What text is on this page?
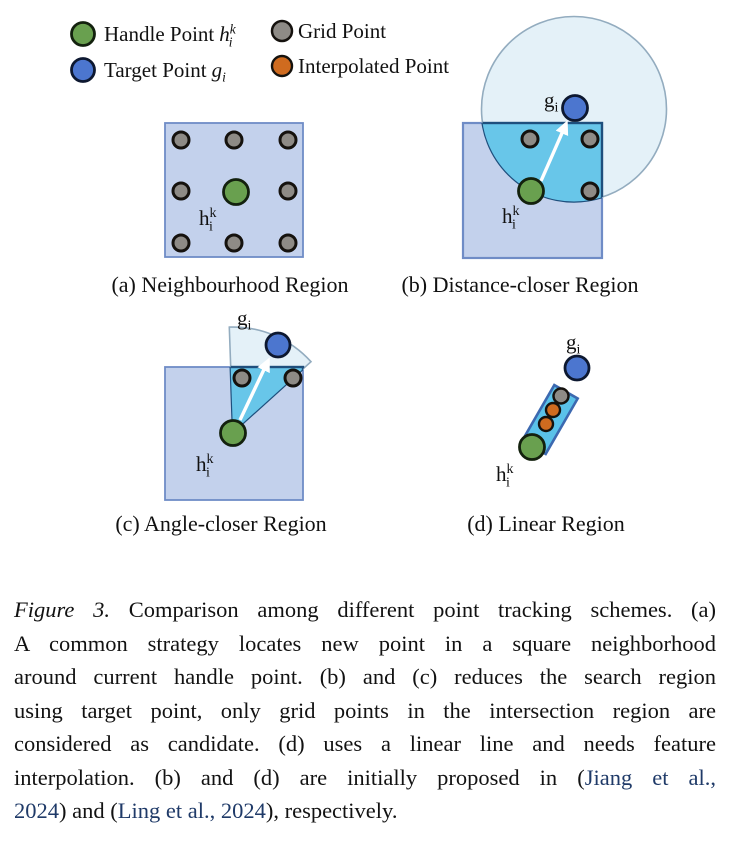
Handle Point $h^k$ i	Grid Point
Target Point $g_i$	Interpolated Point
$h^k$ i
(a) Neighbourhood Region
$g_i$
$h^k$ i
(b) Distance-closer Region
$g_i$
$h^k$ i
(c) Angle-closer Region
$g_i$
$h^k$ i
(d) Linear Region
Figure 3. Comparison among different point tracking schemes. (a)
A common strategy locates new point in a square neighborhood
around current handle point. (b) and (c) reduces the search region
using target point, only grid points in the intersection region are
considered as candidate. (d) uses a linear line and needs feature
interpolation. (b) and (d) are initially proposed in (Jiang et al.,
2024) and (Ling et al., 2024), respectively.
